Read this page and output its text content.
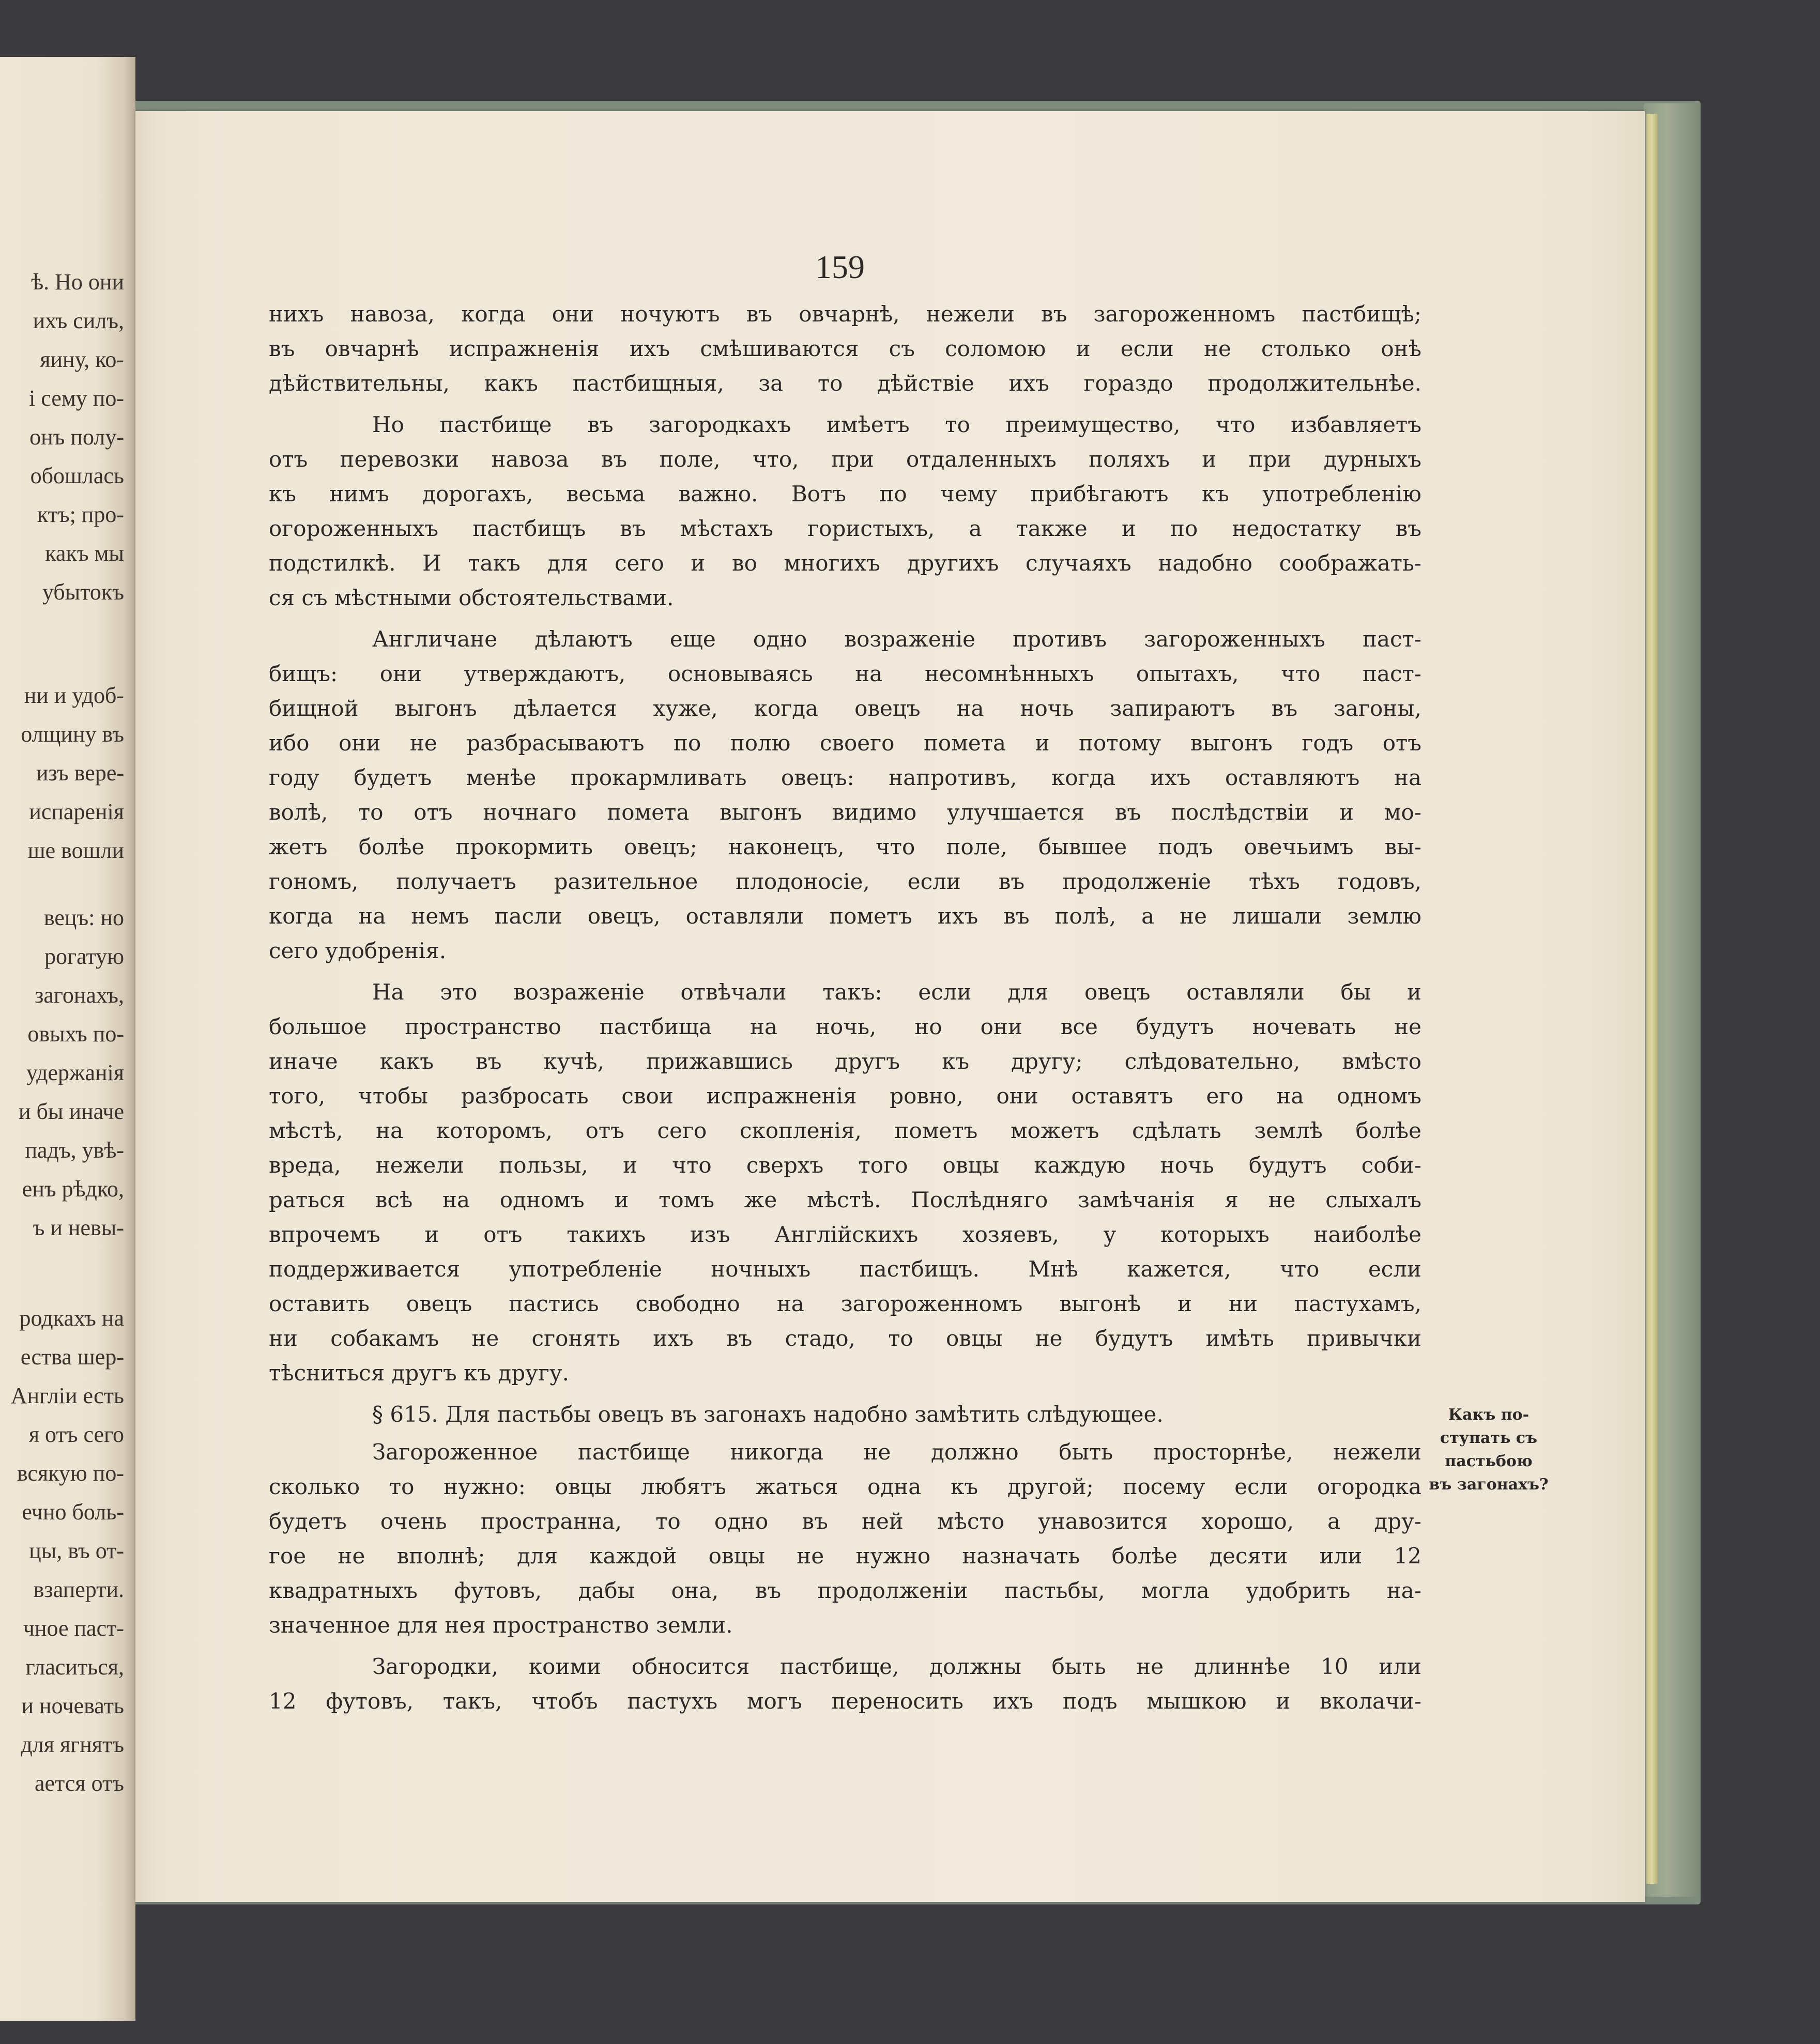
ѣ. Но они
ихъ силъ,
яину, ко-
і сему по-
онъ полу-
обошлась
ктъ; про-
какъ мы
убытокъ
ни и удоб-
олщину въ
изъ вере-
испаренія
ше вошли
вецъ: но
рогатую
загонахъ,
овыхъ по-
удержанія
и бы иначе
падъ, увѣ-
енъ рѣдко,
ъ и невы-
родкахъ на
ества шер-
Англіи есть
я отъ сего
всякую по-
ечно боль-
цы, въ от-
взаперти.
чное паст-
гласиться,
и ночевать
для ягнятъ
ается отъ
159
нихъ навоза, когда они ночуютъ въ овчарнѣ, нежели въ загороженномъ пастбищѣ;
въ овчарнѣ испражненія ихъ смѣшиваются съ соломою и если не столько онѣ
дѣйствительны, какъ пастбищныя, за то дѣйствіе ихъ гораздо продолжительнѣе.
Но пастбище въ загородкахъ имѣетъ то преимущество, что избавляетъ
отъ перевозки навоза въ поле, что, при отдаленныхъ поляхъ и при дурныхъ
къ нимъ дорогахъ, весьма важно. Вотъ по чему прибѣгаютъ къ употребленію
огороженныхъ пастбищъ въ мѣстахъ гористыхъ, а также и по недостатку въ
подстилкѣ. И такъ для сего и во многихъ другихъ случаяхъ надобно соображать-
ся съ мѣстными обстоятельствами.
Англичане дѣлаютъ еще одно возраженіе противъ загороженныхъ паст-
бищъ: они утверждаютъ, основываясь на несомнѣнныхъ опытахъ, что паст-
бищной выгонъ дѣлается хуже, когда овецъ на ночь запираютъ въ загоны,
ибо они не разбрасываютъ по полю своего помета и потому выгонъ годъ отъ
году будетъ менѣе прокармливать овецъ: напротивъ, когда ихъ оставляютъ на
волѣ, то отъ ночнаго помета выгонъ видимо улучшается въ послѣдствіи и мо-
жетъ болѣе прокормить овецъ; наконецъ, что поле, бывшее подъ овечьимъ вы-
гономъ, получаетъ разительное плодоносіе, если въ продолженіе тѣхъ годовъ,
когда на немъ пасли овецъ, оставляли пометъ ихъ въ полѣ, а не лишали землю
сего удобренія.
На это возраженіе отвѣчали такъ: если для овецъ оставляли бы и
большое пространство пастбища на ночь, но они все будутъ ночевать не
иначе какъ въ кучѣ, прижавшись другъ къ другу; слѣдовательно, вмѣсто
того, чтобы разбросать свои испражненія ровно, они оставятъ его на одномъ
мѣстѣ, на которомъ, отъ сего скопленія, пометъ можетъ сдѣлать землѣ болѣе
вреда, нежели пользы, и что сверхъ того овцы каждую ночь будутъ соби-
раться всѣ на одномъ и томъ же мѣстѣ. Послѣдняго замѣчанія я не слыхалъ
впрочемъ и отъ такихъ изъ Англійскихъ хозяевъ, у которыхъ наиболѣе
поддерживается употребленіе ночныхъ пастбищъ. Мнѣ кажется, что если
оставить овецъ пастись свободно на загороженномъ выгонѣ и ни пастухамъ,
ни собакамъ не сгонять ихъ въ стадо, то овцы не будутъ имѣть привычки
тѣсниться другъ къ другу.
§ 615. Для пастьбы овецъ въ загонахъ надобно замѣтить слѣдующее.
Загороженное пастбище никогда не должно быть просторнѣе, нежели
сколько то нужно: овцы любятъ жаться одна къ другой; посему если огородка
будетъ очень пространна, то одно въ ней мѣсто унавозится хорошо, а дру-
гое не вполнѣ; для каждой овцы не нужно назначать болѣе десяти или 12
квадратныхъ футовъ, дабы она, въ продолженіи пастьбы, могла удобрить на-
значенное для нея пространство земли.
Загородки, коими обносится пастбище, должны быть не длиннѣе 10 или
12 футовъ, такъ, чтобъ пастухъ могъ переносить ихъ подъ мышкою и вколачи-
Какъ по-
ступать съ
пастьбою
въ загонахъ?
